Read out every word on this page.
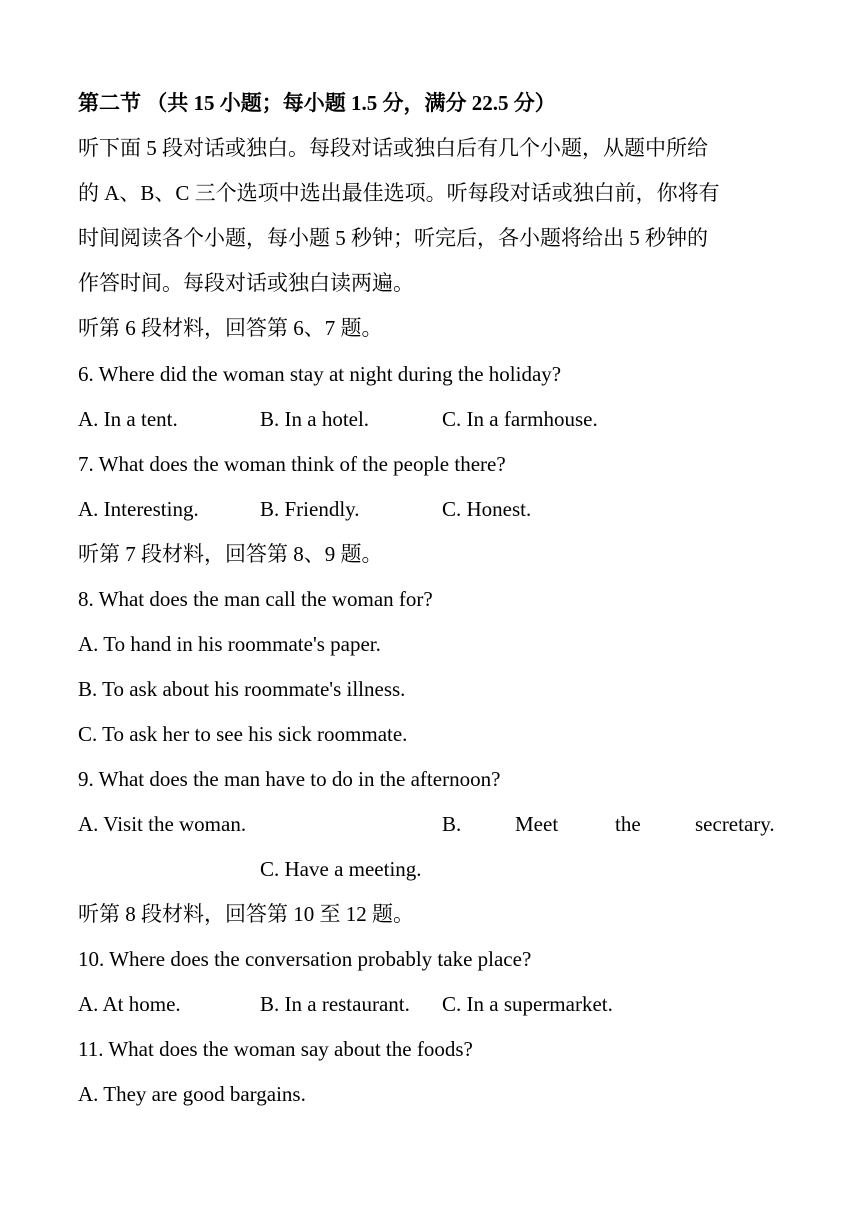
第二节 （共 15 小题；每小题 1.5 分，满分 22.5 分）
听下面 5 段对话或独白。每段对话或独白后有几个小题，从题中所给
的 A、B、C 三个选项中选出最佳选项。听每段对话或独白前，你将有
时间阅读各个小题，每小题 5 秒钟；听完后，各小题将给出 5 秒钟的
作答时间。每段对话或独白读两遍。
听第 6 段材料，回答第 6、7 题。
6. Where did the woman stay at night during the holiday?
A. In a tent.	B. In a hotel.	C. In a farmhouse.
7. What does the woman think of the people there?
A. Interesting.	B. Friendly.	C. Honest.
听第 7 段材料，回答第 8、9 题。
8. What does the man call the woman for?
A. To hand in his roommate's paper.
B. To ask about his roommate's illness.
C. To ask her to see his sick roommate.
9. What does the man have to do in the afternoon?
A. Visit the woman.	B.	Meet	the	secretary.
C. Have a meeting.
听第 8 段材料，回答第 10 至 12 题。
10. Where does the conversation probably take place?
A. At home.	B. In a restaurant. C. In a supermarket.
11. What does the woman say about the foods?
A. They are good bargains.
